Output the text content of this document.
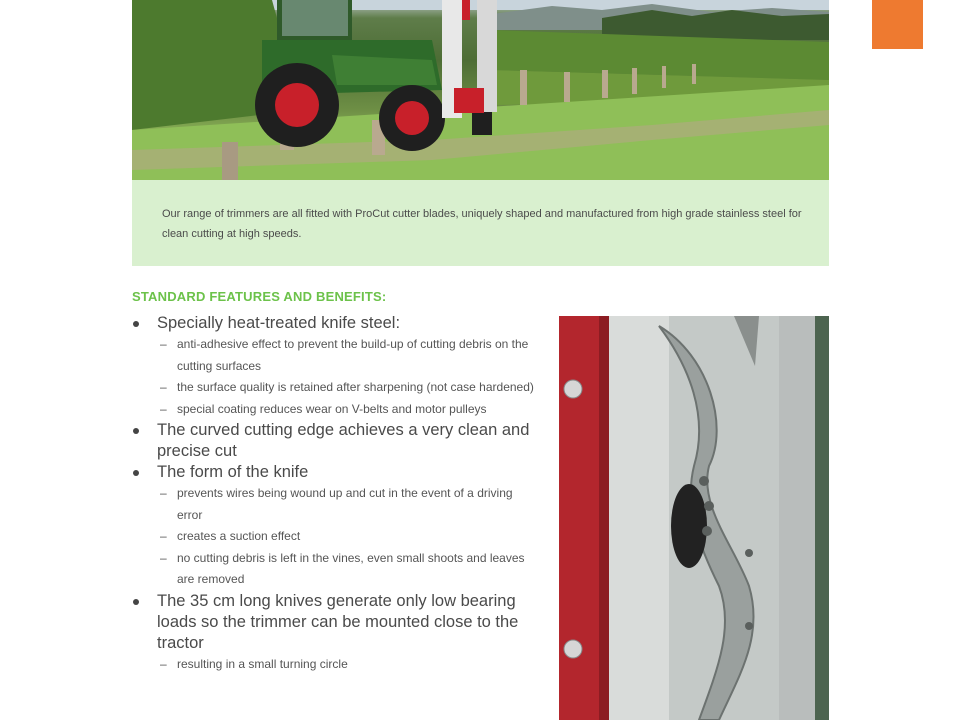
Our range of trimmers are all fitted with ProCut cutter blades, uniquely shaped and manufactured from high grade stainless steel for clean cutting at high speeds.
STANDARD FEATURES AND BENEFITS:
Specially heat-treated knife steel:
– anti-adhesive effect to prevent the build-up of cutting debris on the cutting surfaces
– the surface quality is retained after sharpening (not case hardened)
– special coating reduces wear on V-belts and motor pulleys
The curved cutting edge achieves a very clean and precise cut
The form of the knife
– prevents wires being wound up and cut in the event of a driving error
– creates a suction effect
– no cutting debris is left in the vines, even small shoots and leaves are removed
The 35 cm long knives generate only low bearing loads so the trimmer can be mounted close to the tractor
– resulting in a small turning circle
